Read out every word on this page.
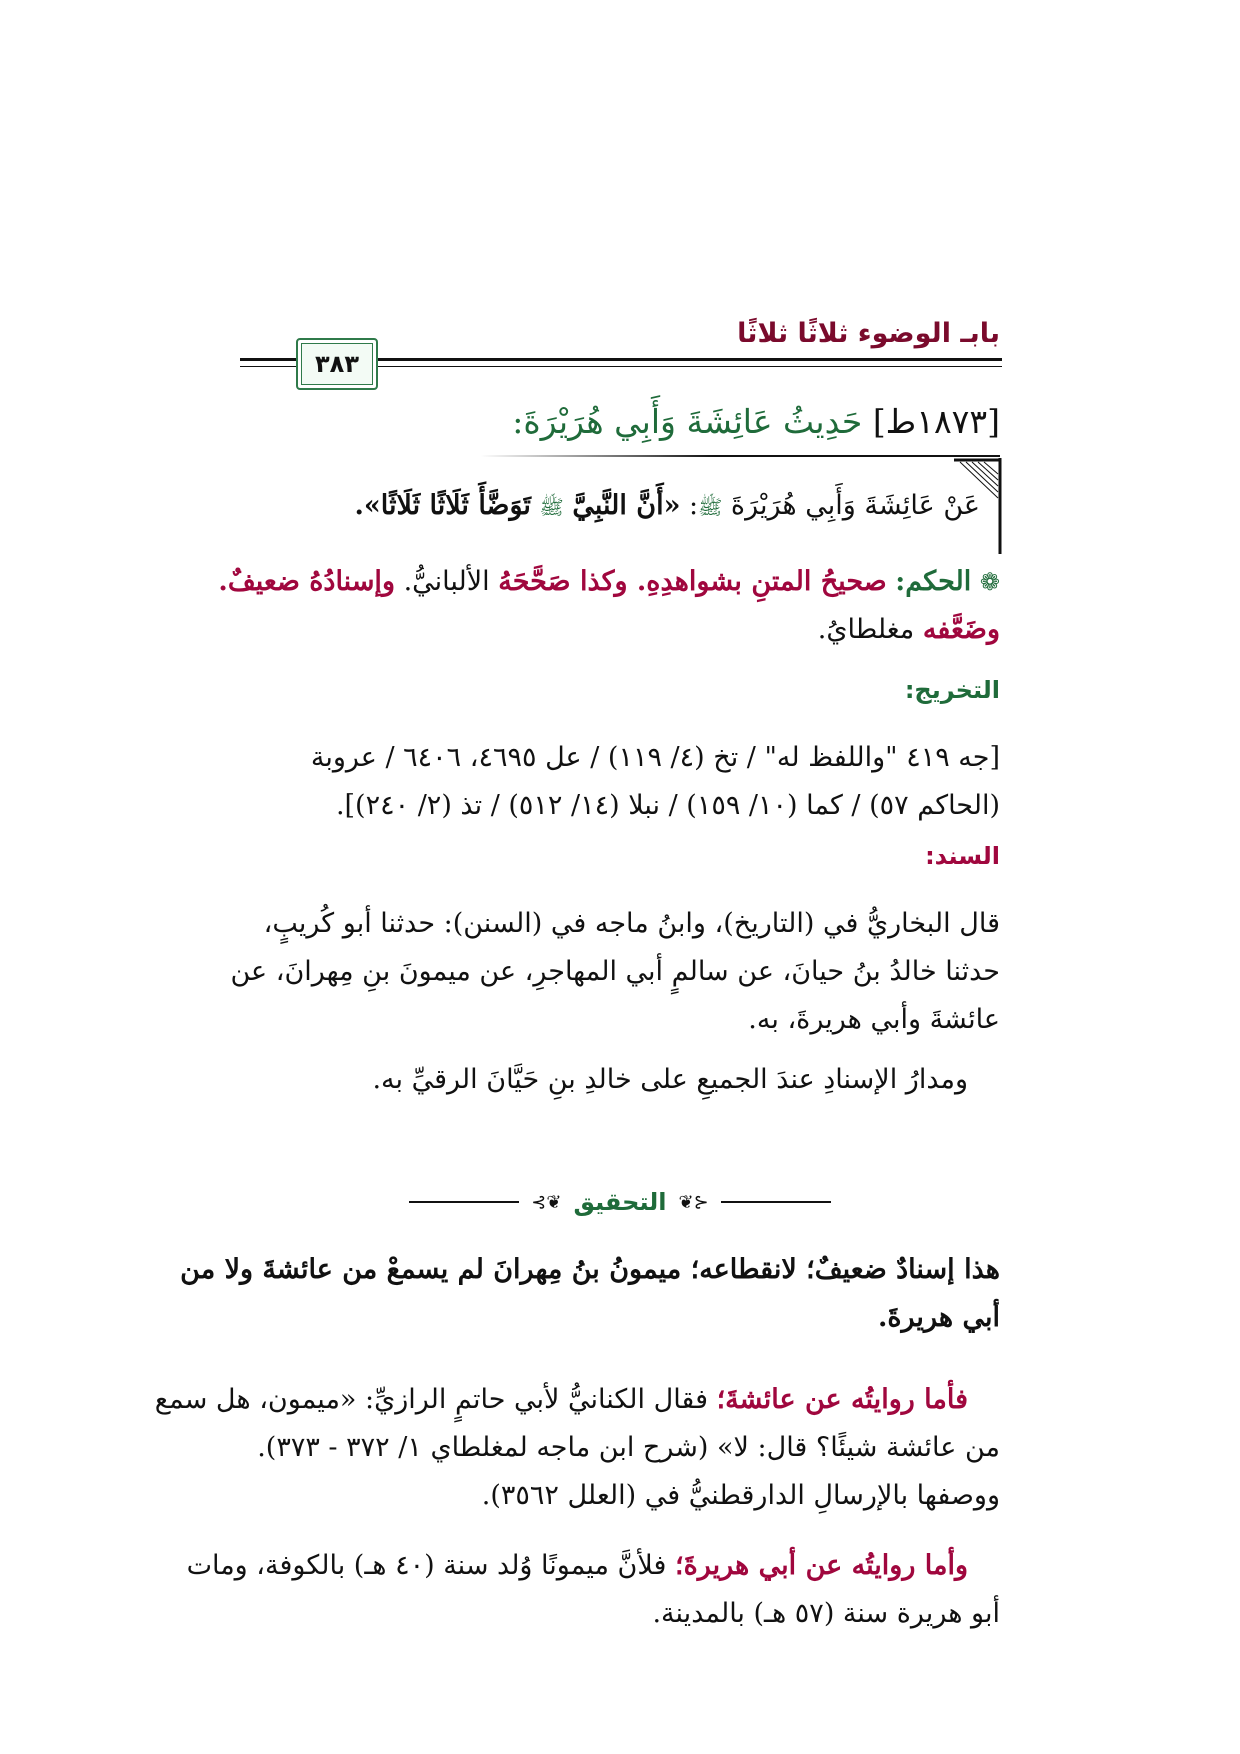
بابـ الوضوء ثلاثًا ثلاثًا
٣٨٣
[١٨٧٣ط] حَدِيثُ عَائِشَةَ وَأَبِي هُرَيْرَةَ:
عَنْ عَائِشَةَ وَأَبِي هُرَيْرَةَ ﷺ: «أَنَّ النَّبِيَّ ﷺ تَوَضَّأَ ثَلَاثًا ثَلَاثًا».
❁ الحكم: صحيحُ المتنِ بشواهدِهِ. وكذا صَحَّحَهُ الألبانيُّ. وإسنادُهُ ضعيفٌ.
وضَعَّفه مغلطايُ.
التخريج:
[جه ٤١٩ "واللفظ له" / تخ (٤/ ١١٩) / عل ٤٦٩٥، ٦٤٠٦ / عروبة
(الحاكم ٥٧) / كما (١٠/ ١٥٩) / نبلا (١٤/ ٥١٢) / تذ (٢/ ٢٤٠)].
السند:
قال البخاريُّ في (التاريخ)، وابنُ ماجه في (السنن): حدثنا أبو كُريبٍ،
حدثنا خالدُ بنُ حيانَ، عن سالمٍ أبي المهاجرِ، عن ميمونَ بنِ مِهرانَ، عن
عائشةَ وأبي هريرةَ، به.
ومدارُ الإسنادِ عندَ الجميعِ على خالدِ بنِ حَيَّانَ الرقيِّ به.
⊰❦
التحقيق
❦⊱
هذا إسنادٌ ضعيفٌ؛ لانقطاعه؛ ميمونُ بنُ مِهرانَ لم يسمعْ من عائشةَ ولا من
أبي هريرةَ.
فأما روايتُه عن عائشةَ؛ فقال الكنانيُّ لأبي حاتمٍ الرازيِّ: «ميمون، هل سمع
من عائشة شيئًا؟ قال: لا» (شرح ابن ماجه لمغلطاي ١/ ٣٧٢ - ٣٧٣).
ووصفها بالإرسالِ الدارقطنيُّ في (العلل ٣٥٦٢).
وأما روايتُه عن أبي هريرةَ؛ فلأنَّ ميمونًا وُلد سنة (٤٠ هـ) بالكوفة، ومات
أبو هريرة سنة (٥٧ هـ) بالمدينة.
